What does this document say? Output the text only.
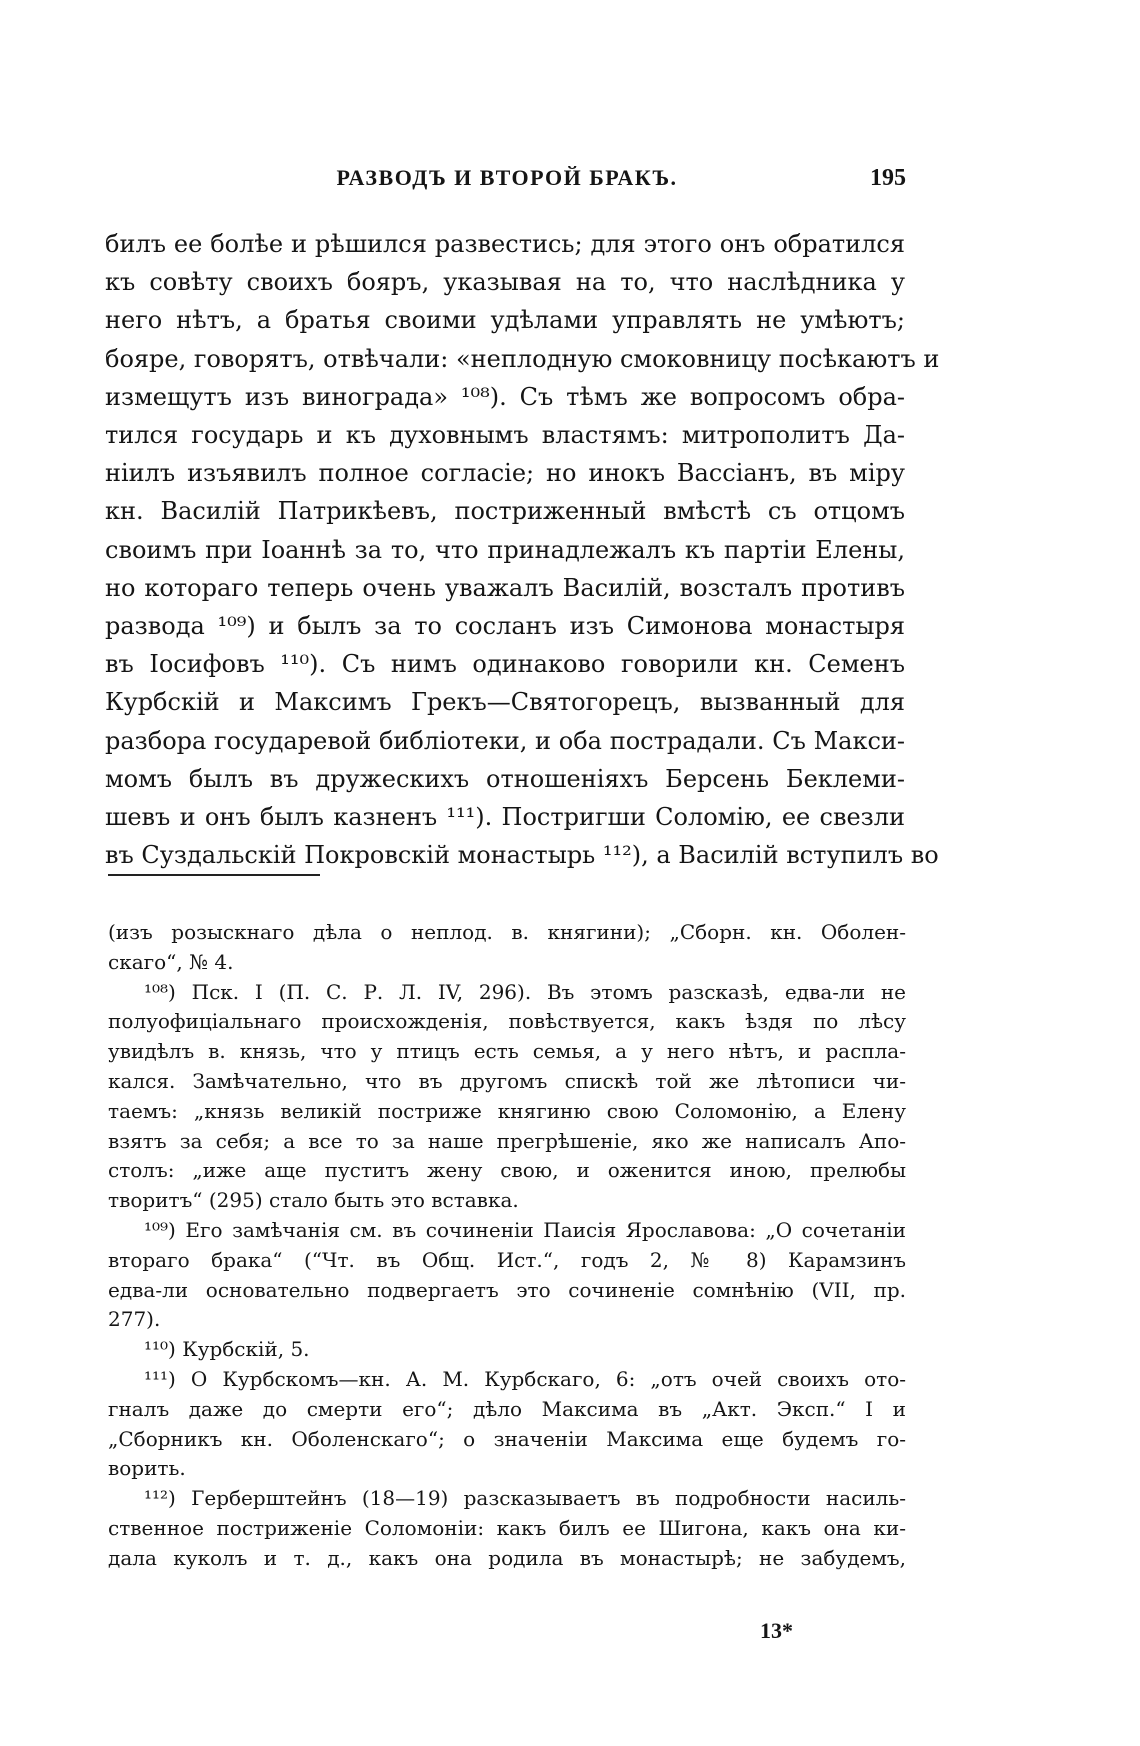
РАЗВОДЪ И ВТОРОЙ БРАКЪ.	195
билъ ее болѣе и рѣшился развестись; для этого онъ обратился
къ совѣту своихъ бояръ, указывая на то, что наслѣдника у
него нѣтъ, а братья своими удѣлами управлять не умѣютъ;
бояре, говорятъ, отвѣчали: «неплодную смоковницу посѣкаютъ и
измещутъ изъ винограда» ¹⁰⁸). Съ тѣмъ же вопросомъ обра-
тился государь и къ духовнымъ властямъ: митрополитъ Да-
ніилъ изъявилъ полное согласіе; но инокъ Вассіанъ, въ міру
кн. Василій Патрикѣевъ, постриженный вмѣстѣ съ отцомъ
своимъ при Іоаннѣ за то, что принадлежалъ къ партіи Елены,
но котораго теперь очень уважалъ Василій, возсталъ противъ
развода ¹⁰⁹) и былъ за то сосланъ изъ Симонова монастыря
въ Іосифовъ ¹¹⁰). Съ нимъ одинаково говорили кн. Семенъ
Курбскій и Максимъ Грекъ—Святогорецъ, вызванный для
разбора государевой библіотеки, и оба пострадали. Съ Макси-
момъ былъ въ дружескихъ отношеніяхъ Берсень Беклеми-
шевъ и онъ былъ казненъ ¹¹¹). Постригши Соломію, ее свезли
въ Суздальскій Покровскій монастырь ¹¹²), а Василій вступилъ во
(изъ розыскнаго дѣла о неплод. в. княгини); „Сборн. кн. Оболен-
скаго“, № 4.
¹⁰⁸) Пск. I (П. С. Р. Л. IV, 296). Въ этомъ разсказѣ, едва-ли не
полуофиціальнаго происхожденія, повѣствуется, какъ ѣздя по лѣсу
увидѣлъ в. князь, что у птицъ есть семья, а у него нѣтъ, и распла-
кался. Замѣчательно, что въ другомъ спискѣ той же лѣтописи чи-
таемъ: „князь великій постриже княгиню свою Соломонію, а Елену
взятъ за себя; а все то за наше прегрѣшеніе, яко же написалъ Апо-
столъ: „иже аще пуститъ жену свою, и оженится иною, прелюбы
творитъ“ (295) стало быть это вставка.
¹⁰⁹) Его замѣчанія см. въ сочиненіи Паисія Ярославова: „О сочетаніи
втораго брака“ (“Чт. въ Общ. Ист.“, годъ 2, № 8) Карамзинъ
едва-ли основательно подвергаетъ это сочиненіе сомнѣнію (VII, пр.
277).
¹¹⁰) Курбскій, 5.
¹¹¹) О Курбскомъ—кн. А. М. Курбскаго, 6: „отъ очей своихъ ото-
гналъ даже до смерти его“; дѣло Максима въ „Акт. Эксп.“ I и
„Сборникъ кн. Оболенскаго“; о значеніи Максима еще будемъ го-
ворить.
¹¹²) Герберштейнъ (18—19) разсказываетъ въ подробности насиль-
ственное постриженіе Соломоніи: какъ билъ ее Шигона, какъ она ки-
дала куколъ и т. д., какъ она родила въ монастырѣ; не забудемъ,
13*
